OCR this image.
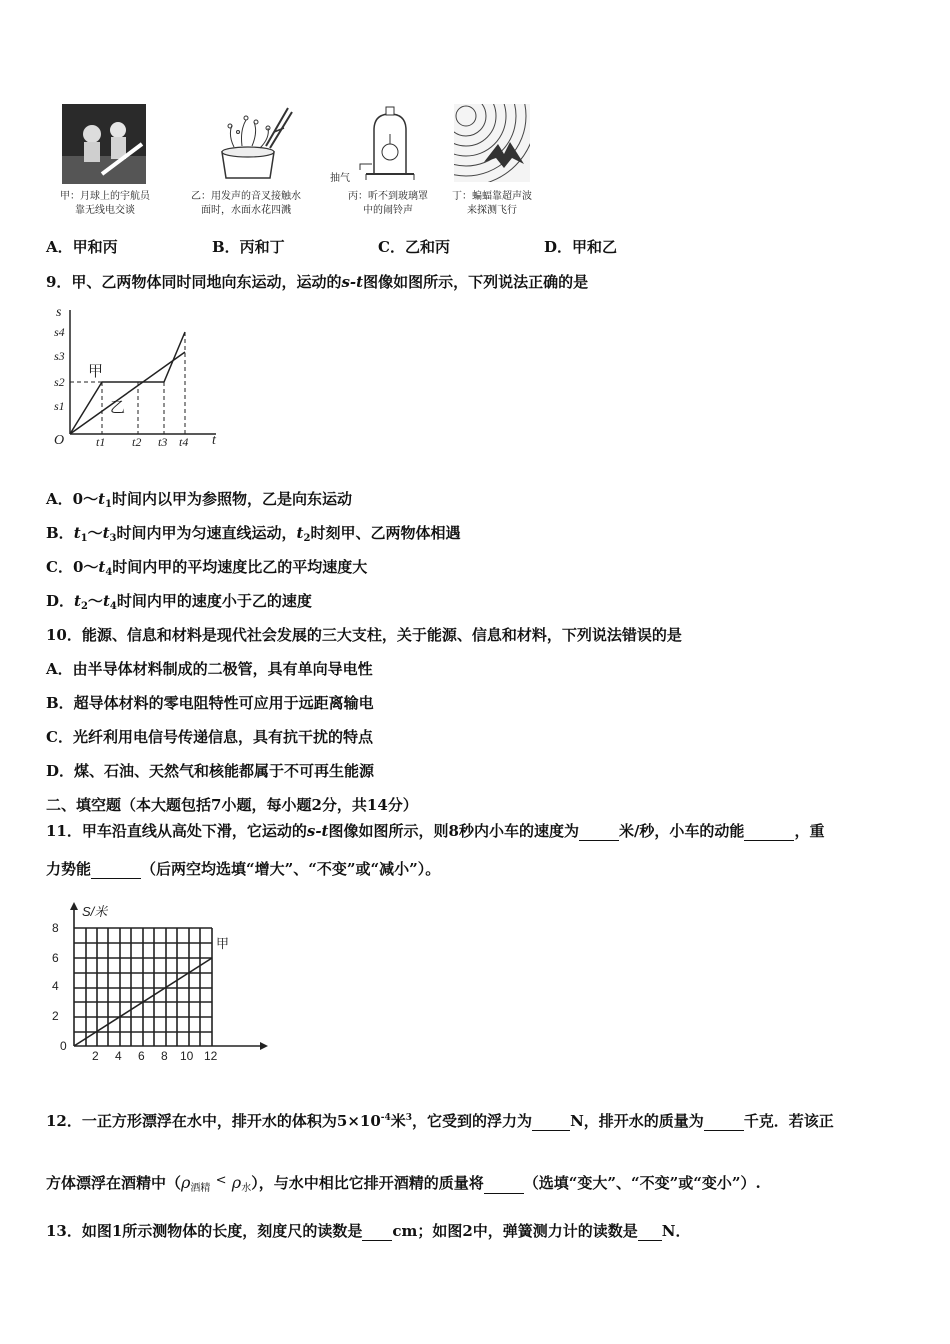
甲：月球上的宇航员
靠无线电交谈
乙：用发声的音叉接触水
面时，水面水花四溅
抽气
丙：听不到玻璃罩
中的闹铃声
丁：蝙蝠靠超声波
来探测飞行
A．甲和丙	B．丙和丁	C．乙和丙	D．甲和乙
9．甲、乙两物体同时同地向东运动，运动的s-t图像如图所示，下列说法正确的是
s
t
O
s1
s2
s3
s4
t1 t2 t3 t4
甲
乙
A．$0\sim t_1$时间内以甲为参照物，乙是向东运动
B．$t_1\sim t_3$时间内甲为匀速直线运动，$t_2$时刻甲、乙两物体相遇
C．$0\sim t_4$时间内甲的平均速度比乙的平均速度大
D．$t_2\sim t_4$时间内甲的速度小于乙的速度
10．能源、信息和材料是现代社会发展的三大支柱，关于能源、信息和材料，下列说法错误的是
A．由半导体材料制成的二极管，具有单向导电性
B．超导体材料的零电阻特性可应用于远距离输电
C．光纤利用电信号传递信息，具有抗干扰的特点
D．煤、石油、天然气和核能都属于不可再生能源
二、填空题（本大题包括7小题，每小题2分，共14分）
11．甲车沿直线从高处下滑，它运动的s-t图像如图所示，则8秒内小车的速度为	米/秒，小车的动能	，重
力势能	（后两空均选填“增大”、“不变”或“减小”）。
S/米
甲
8
6
4
2
0
2 4 6 8 10 12
12．一正方形漂浮在水中，排开水的体积为$5\times 10^{-4}$米$^3$，它受到的浮力为	N，排开水的质量为	千克．若该正
方体漂浮在酒精中$(\rho_{酒精} < \rho_水)$，与水中相比它排开酒精的质量将	（选填“变大”、“不变”或“变小”）.
13．如图1所示测物体的长度，刻度尺的读数是 cm；如图2中，弹簧测力计的读数是 N．
